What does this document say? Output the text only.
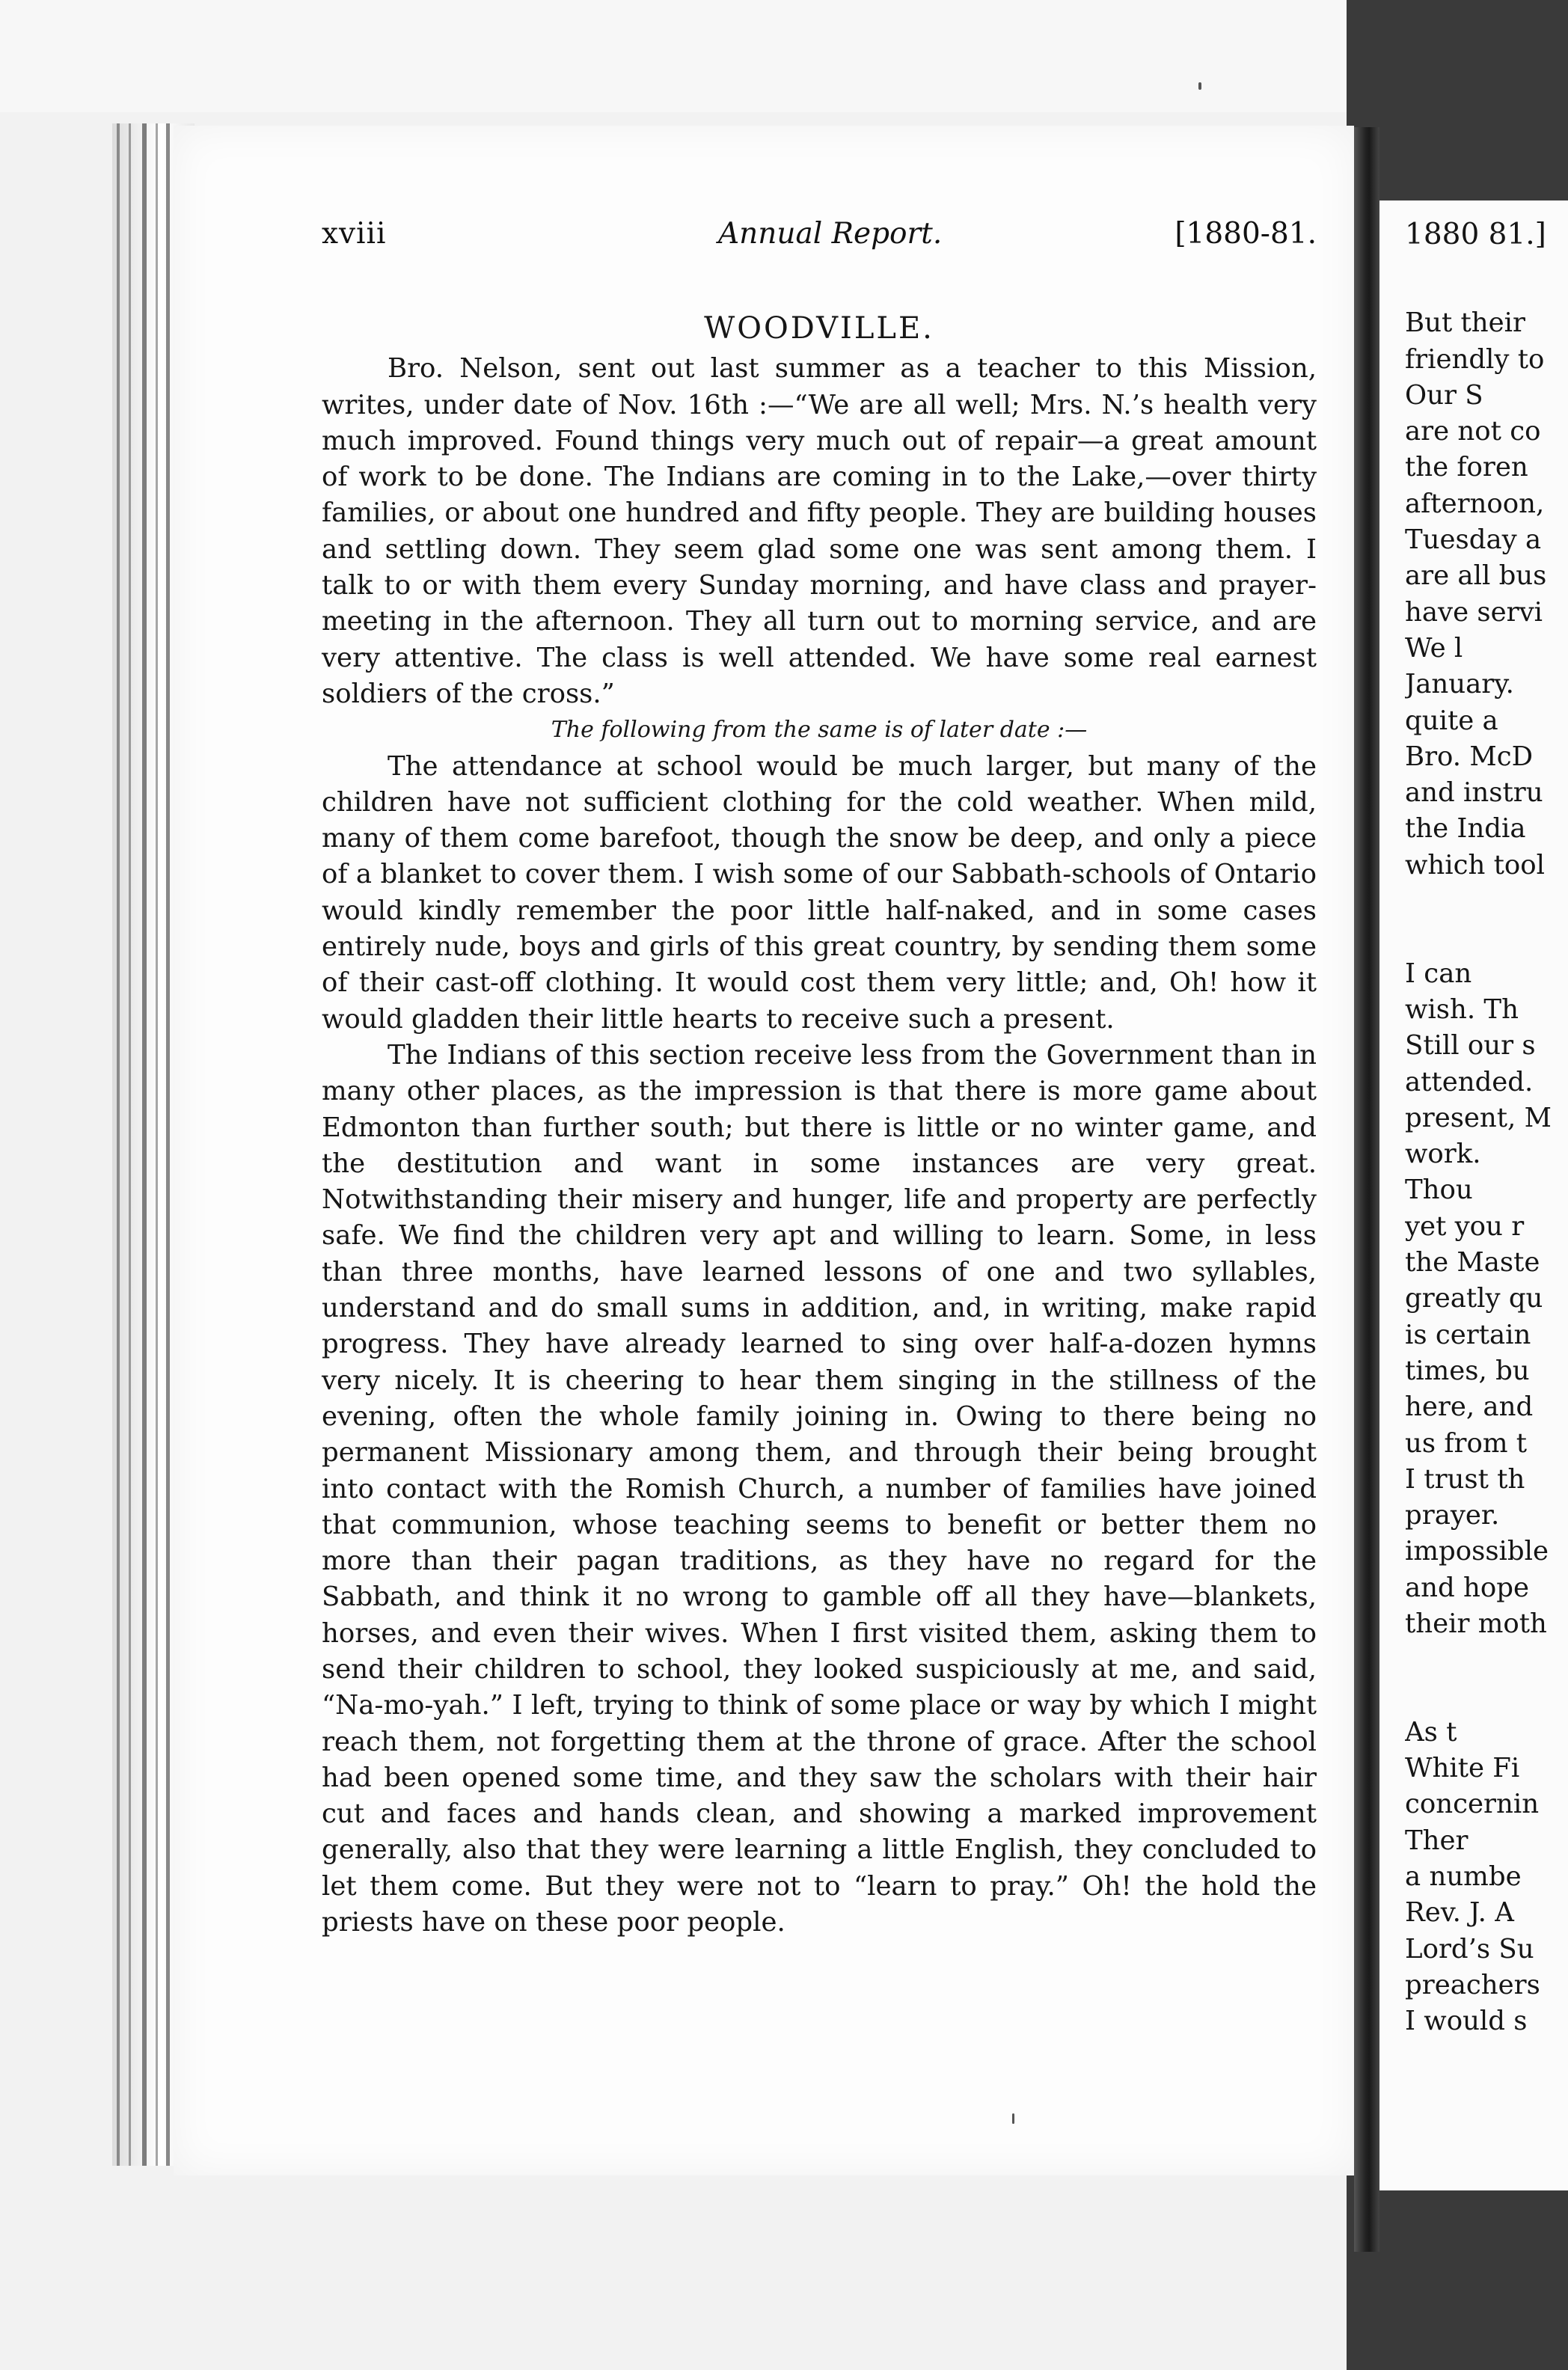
xviii	Annual Report.	[1880-81.
WOODVILLE.

Bro. Nelson, sent out last summer as a teacher to this Mission, writes, under date of Nov. 16th :—“We are all well; Mrs. N.’s health very much improved. Found things very much out of repair—a great amount of work to be done. The Indians are coming in to the Lake,—over thirty families, or about one hundred and fifty people. They are building houses and settling down. They seem glad some one was sent among them. I talk to or with them every Sunday morning, and have class and prayer-meeting in the afternoon. They all turn out to morning service, and are very attentive. The class is well attended. We have some real earnest soldiers of the cross.”

The following from the same is of later date :—

The attendance at school would be much larger, but many of the children have not sufficient clothing for the cold weather. When mild, many of them come barefoot, though the snow be deep, and only a piece of a blanket to cover them. I wish some of our Sabbath-schools of Ontario would kindly remember the poor little half-naked, and in some cases entirely nude, boys and girls of this great country, by sending them some of their cast-off clothing. It would cost them very little; and, Oh! how it would gladden their little hearts to receive such a present.

The Indians of this section receive less from the Government than in many other places, as the impression is that there is more game about Edmonton than further south; but there is little or no winter game, and the destitution and want in some instances are very great. Notwithstanding their misery and hunger, life and property are perfectly safe. We find the children very apt and willing to learn. Some, in less than three months, have learned lessons of one and two syllables, understand and do small sums in addition, and, in writing, make rapid progress. They have already learned to sing over half-a-dozen hymns very nicely. It is cheering to hear them singing in the stillness of the evening, often the whole family joining in. Owing to there being no permanent Missionary among them, and through their being brought into contact with the Romish Church, a number of families have joined that communion, whose teaching seems to benefit or better them no more than their pagan traditions, as they have no regard for the Sabbath, and think it no wrong to gamble off all they have—blankets, horses, and even their wives. When I first visited them, asking them to send their children to school, they looked suspiciously at me, and said, “Na-mo-yah.” I left, trying to think of some place or way by which I might reach them, not forgetting them at the throne of grace. After the school had been opened some time, and they saw the scholars with their hair cut and faces and hands clean, and showing a marked improvement generally, also that they were learning a little English, they concluded to let them come. But they were not to “learn to pray.” Oh! the hold the priests have on these poor people.

1880 81.]
But their
friendly to
Our S
are not co
the foren
afternoon,
Tuesday a
are all bus
have servi
We l
January.
quite a
Bro. McD
and instru
the India
which tool
I can
wish. Th
Still our s
attended.
present, M
work.
Thou
yet you r
the Maste
greatly qu
is certain
times, bu
here, and
us from t
I trust th
prayer.
impossible
and hope
their moth
As t
White Fi
concernin
Ther
a numbe
Rev. J. A
Lord’s Su
preachers
I would s
